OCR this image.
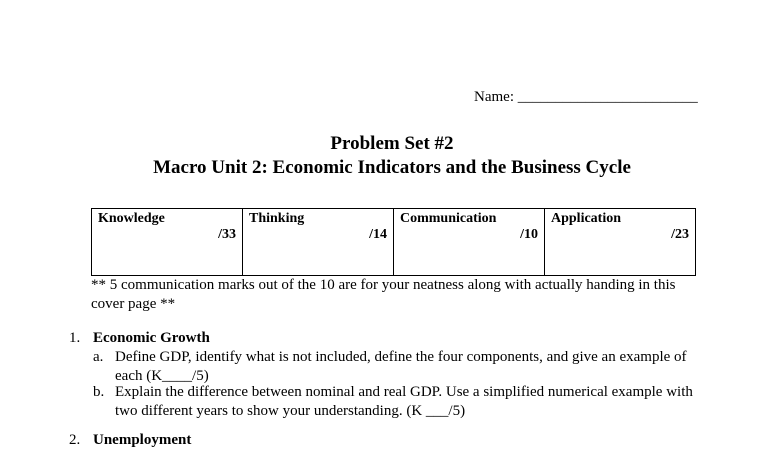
Name: ________________________
Problem Set #2
Macro Unit 2: Economic Indicators and the Business Cycle
Knowledge
/33

Thinking
/14

Communication
/10

Application
/23
** 5 communication marks out of the 10 are for your neatness along with actually handing in this cover page **
1. Economic Growth
a. Define GDP, identify what is not included, define the four components, and give an example of each (K____/5)
b. Explain the difference between nominal and real GDP. Use a simplified numerical example with two different years to show your understanding. (K ___/5)
2. Unemployment
